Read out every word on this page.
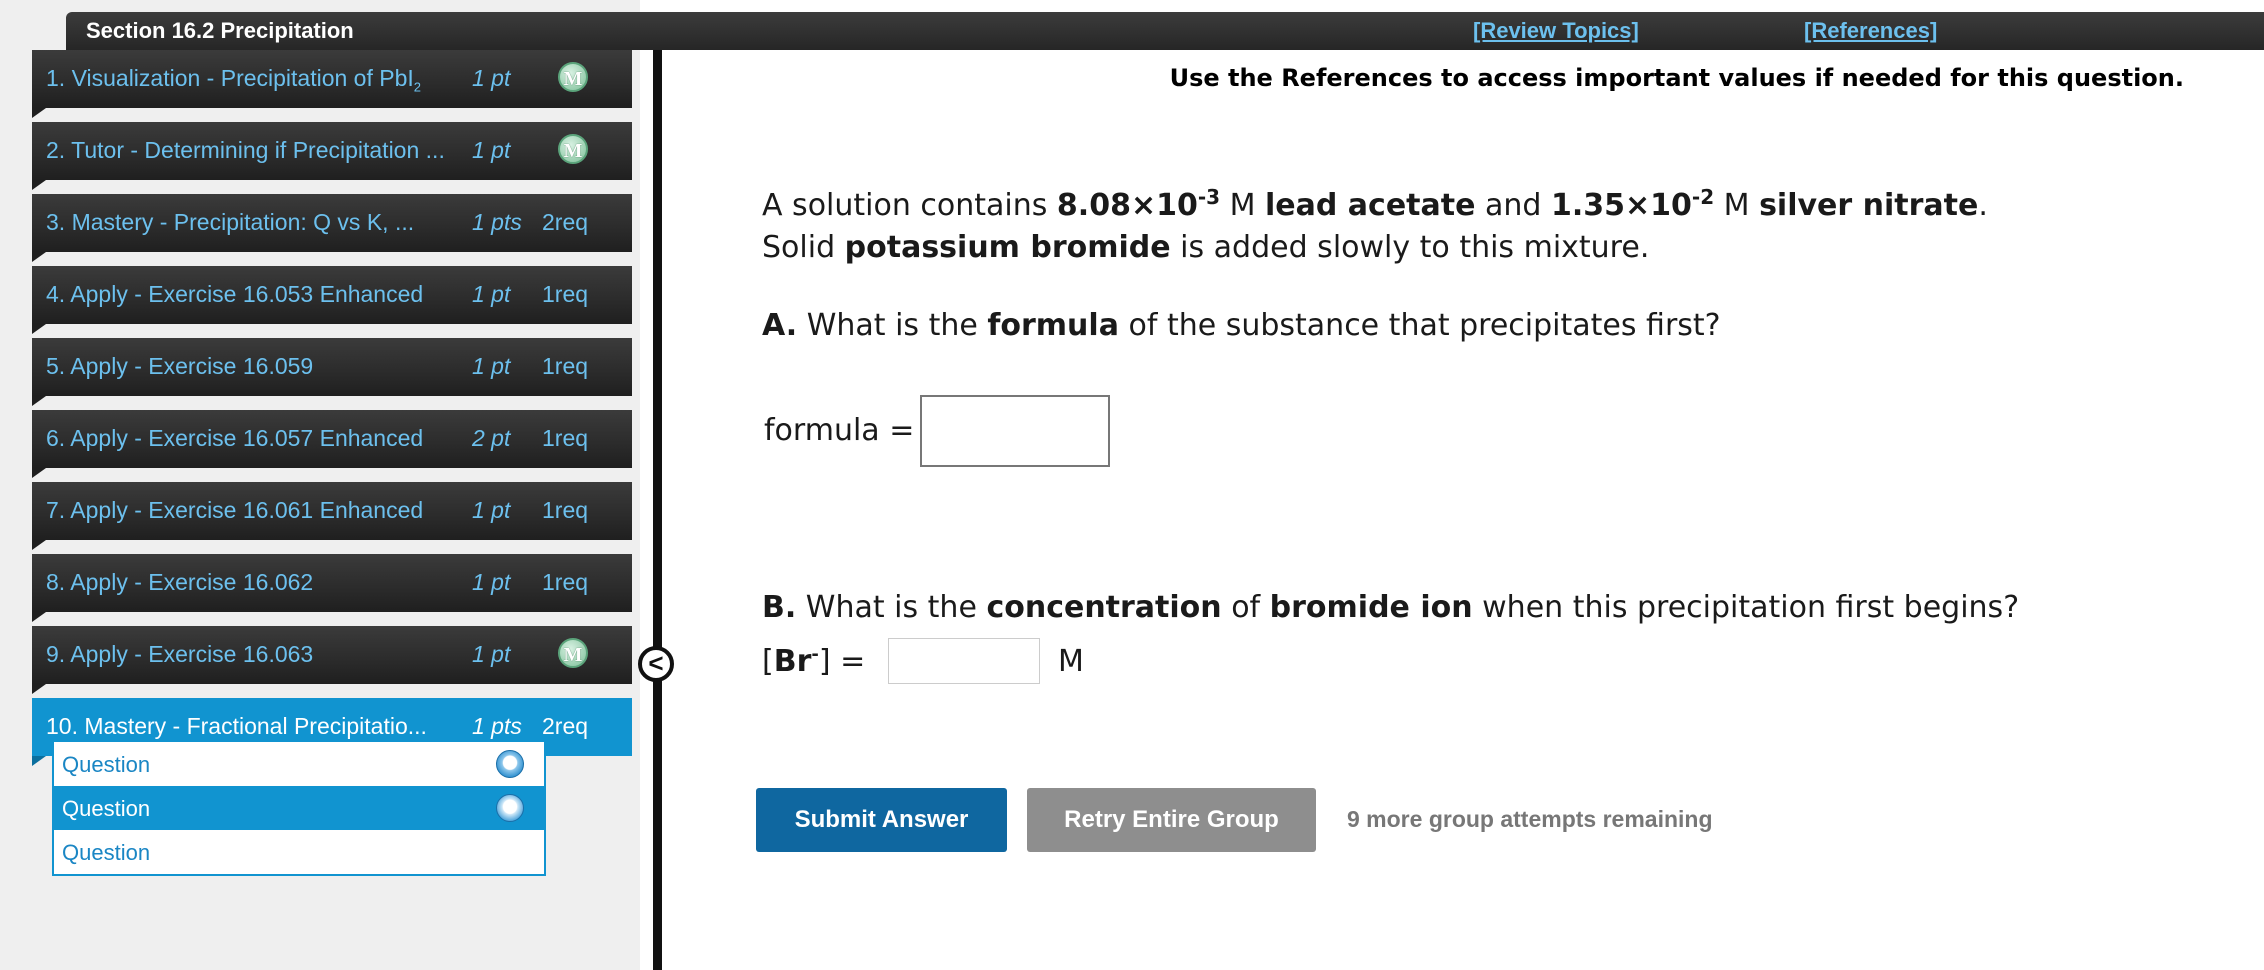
Section 16.2 Precipitation	[Review Topics]	[References]
1. Visualization - Precipitation of PbI$_2$	1 pt	M
2. Tutor - Determining if Precipitation ...	1 pt	M
3. Mastery - Precipitation: Q vs K, ...	1 pts 2req
4. Apply - Exercise 16.053 Enhanced	1 pt 1req
5. Apply - Exercise 16.059	1 pt 1req
6. Apply - Exercise 16.057 Enhanced	2 pt 1req
7. Apply - Exercise 16.061 Enhanced	1 pt 1req
8. Apply - Exercise 16.062	1 pt 1req
9. Apply - Exercise 16.063	1 pt	M
10. Mastery - Fractional Precipitatio...	1 pts 2req
Question
Question
Question
<
Use the References to access important values if needed for this question.
A solution contains $8.08\times 10^{-3}$ M lead acetate and $1.35\times 10^{-2}$ M silver nitrate.
Solid potassium bromide is added slowly to this mixture.
A. What is the formula of the substance that precipitates first?
formula =
B. What is the concentration of bromide ion when this precipitation first begins?
[Br-] =	M
Submit Answer	Retry Entire Group	9 more group attempts remaining
